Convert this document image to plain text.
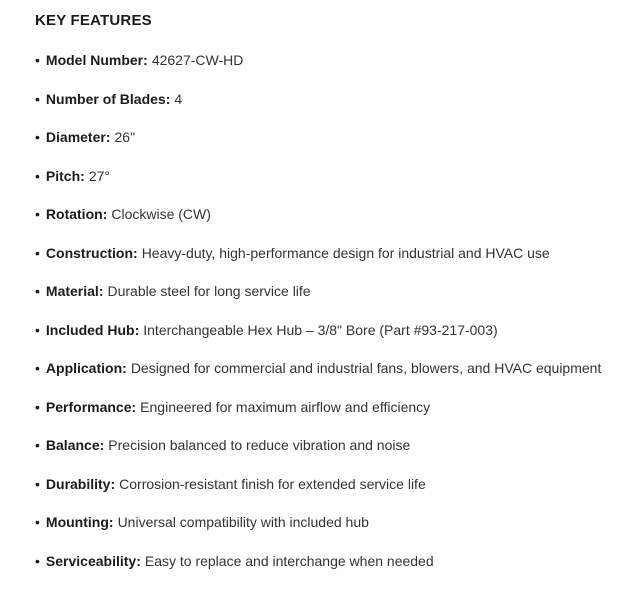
KEY FEATURES
• Model Number: 42627-CW-HD
• Number of Blades: 4
• Diameter: 26"
• Pitch: 27°
• Rotation: Clockwise (CW)
• Construction: Heavy-duty, high-performance design for industrial and HVAC use
• Material: Durable steel for long service life
• Included Hub: Interchangeable Hex Hub – 3/8" Bore (Part #93-217-003)
• Application: Designed for commercial and industrial fans, blowers, and HVAC equipment
• Performance: Engineered for maximum airflow and efficiency
• Balance: Precision balanced to reduce vibration and noise
• Durability: Corrosion-resistant finish for extended service life
• Mounting: Universal compatibility with included hub
• Serviceability: Easy to replace and interchange when needed
